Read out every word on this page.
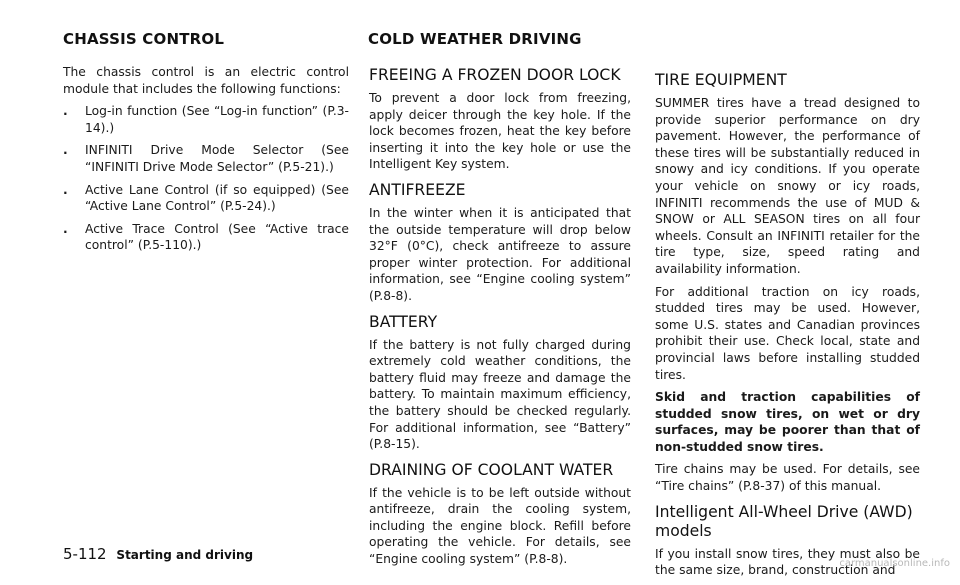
CHASSIS CONTROL	COLD WEATHER DRIVING

The chassis control is an electric control module that includes the following functions:

. Log-in function (See “Log-in function” (P.3-14).)
. INFINITI Drive Mode Selector (See “INFINITI Drive Mode Selector” (P.5-21).)
. Active Lane Control (if so equipped) (See “Active Lane Control” (P.5-24).)
. Active Trace Control (See “Active trace control” (P.5-110).)
FREEING A FROZEN DOOR LOCK

To prevent a door lock from freezing, apply deicer through the key hole. If the lock becomes frozen, heat the key before inserting it into the key hole or use the Intelligent Key system.

ANTIFREEZE

In the winter when it is anticipated that the outside temperature will drop below 32°F (0°C), check antifreeze to assure proper winter protection. For additional information, see “Engine cooling system” (P.8-8).

BATTERY

If the battery is not fully charged during extremely cold weather conditions, the battery fluid may freeze and damage the battery. To maintain maximum efficiency, the battery should be checked regularly. For additional information, see “Battery” (P.8-15).

DRAINING OF COOLANT WATER

If the vehicle is to be left outside without antifreeze, drain the cooling system, including the engine block. Refill before operating the vehicle. For details, see “Engine cooling system” (P.8-8).

TIRE EQUIPMENT

SUMMER tires have a tread designed to provide superior performance on dry pavement. However, the performance of these tires will be substantially reduced in snowy and icy conditions. If you operate your vehicle on snowy or icy roads, INFINITI recommends the use of MUD & SNOW or ALL SEASON tires on all four wheels. Consult an INFINITI retailer for the tire type, size, speed rating and availability information.

For additional traction on icy roads, studded tires may be used. However, some U.S. states and Canadian provinces prohibit their use. Check local, state and provincial laws before installing studded tires.

Skid and traction capabilities of studded snow tires, on wet or dry surfaces, may be poorer than that of non-studded snow tires.

Tire chains may be used. For details, see “Tire chains” (P.8-37) of this manual.

Intelligent All-Wheel Drive (AWD) models

If you install snow tires, they must also be the same size, brand, construction and

5-112 Starting and driving
carmanualsonline.info
